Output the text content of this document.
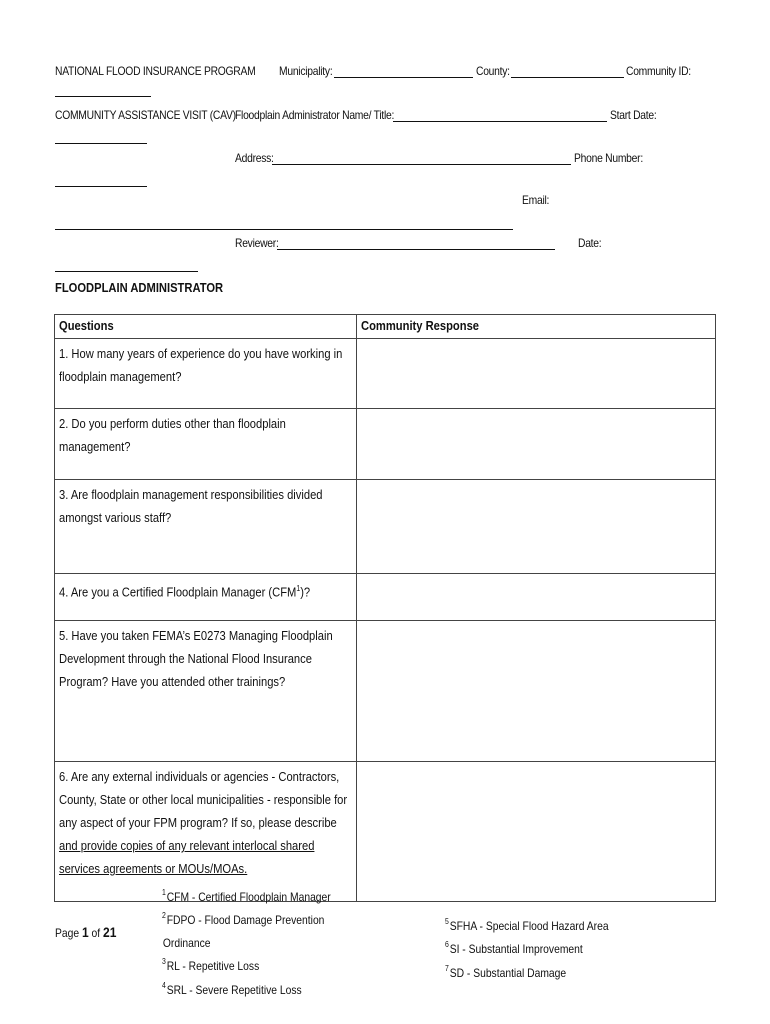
NATIONAL FLOOD INSURANCE PROGRAM Municipality:	County:	Community ID:
COMMUNITY ASSISTANCE VISIT (CAV) Floodplain Administrator Name/ Title:	Start Date:
Address:	Phone Number:
Email:
Reviewer:	Date:
FLOODPLAIN ADMINISTRATOR
Questions	Community Response

1. How many years of experience do you have working in floodplain management?	

2. Do you perform duties other than floodplain management?	

3. Are floodplain management responsibilities divided amongst various staff?	

4. Are you a Certified Floodplain Manager (CFM$^1$)?	

5. Have you taken FEMA’s E0273 Managing Floodplain Development through the National Flood Insurance Program? Have you attended other trainings?	

6. Are any external individuals or agencies - Contractors, County, State or other local municipalities - responsible for any aspect of your FPM program? If so, please describe and provide copies of any relevant interlocal shared services agreements or MOUs/MOAs.	

$^1$CFM - Certified Floodplain Manager
$^2$FDPO - Flood Damage Prevention
Ordinance
$^3$RL - Repetitive Loss
$^4$SRL - Severe Repetitive Loss
$^5$SFHA - Special Flood Hazard Area
$^6$SI - Substantial Improvement
$^7$SD - Substantial Damage
Page 1 of 21
